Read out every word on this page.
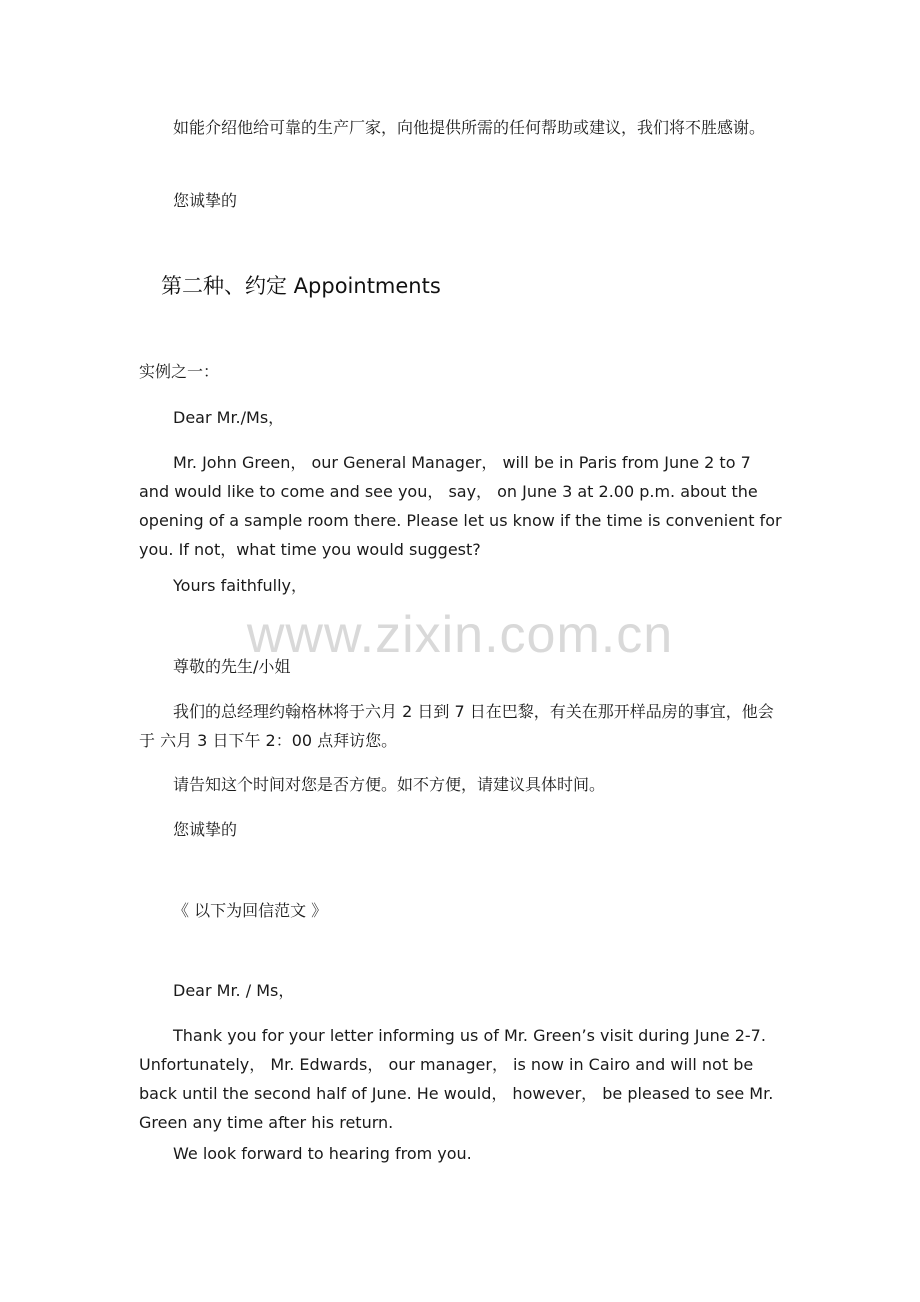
如能介绍他给可靠的生产厂家，向他提供所需的任何帮助或建议，我们将不胜感谢。

您诚挚的

第二种、约定 Appointments

实例之一：

Dear Mr./Ms，

Mr. John Green， our General Manager， will be in Paris from June 2 to 7 and would like to come and see you， say， on June 3 at 2.00 p.m. about the opening of a sample room there. Please let us know if the time is convenient for you. If not，what time you would suggest?

Yours faithfully，

www.zixin.com.cn

尊敬的先生/小姐

我们的总经理约翰格林将于六月 2 日到 7 日在巴黎，有关在那开样品房的事宜，他会于 六月 3 日下午 2：00 点拜访您。

请告知这个时间对您是否方便。如不方便，请建议具体时间。

您诚挚的

《 以下为回信范文 》

Dear Mr. / Ms，

Thank you for your letter informing us of Mr. Green’s visit during June 2-7. Unfortunately， Mr. Edwards， our manager， is now in Cairo and will not be back until the second half of June. He would， however， be pleased to see Mr. Green any time after his return.

We look forward to hearing from you.
